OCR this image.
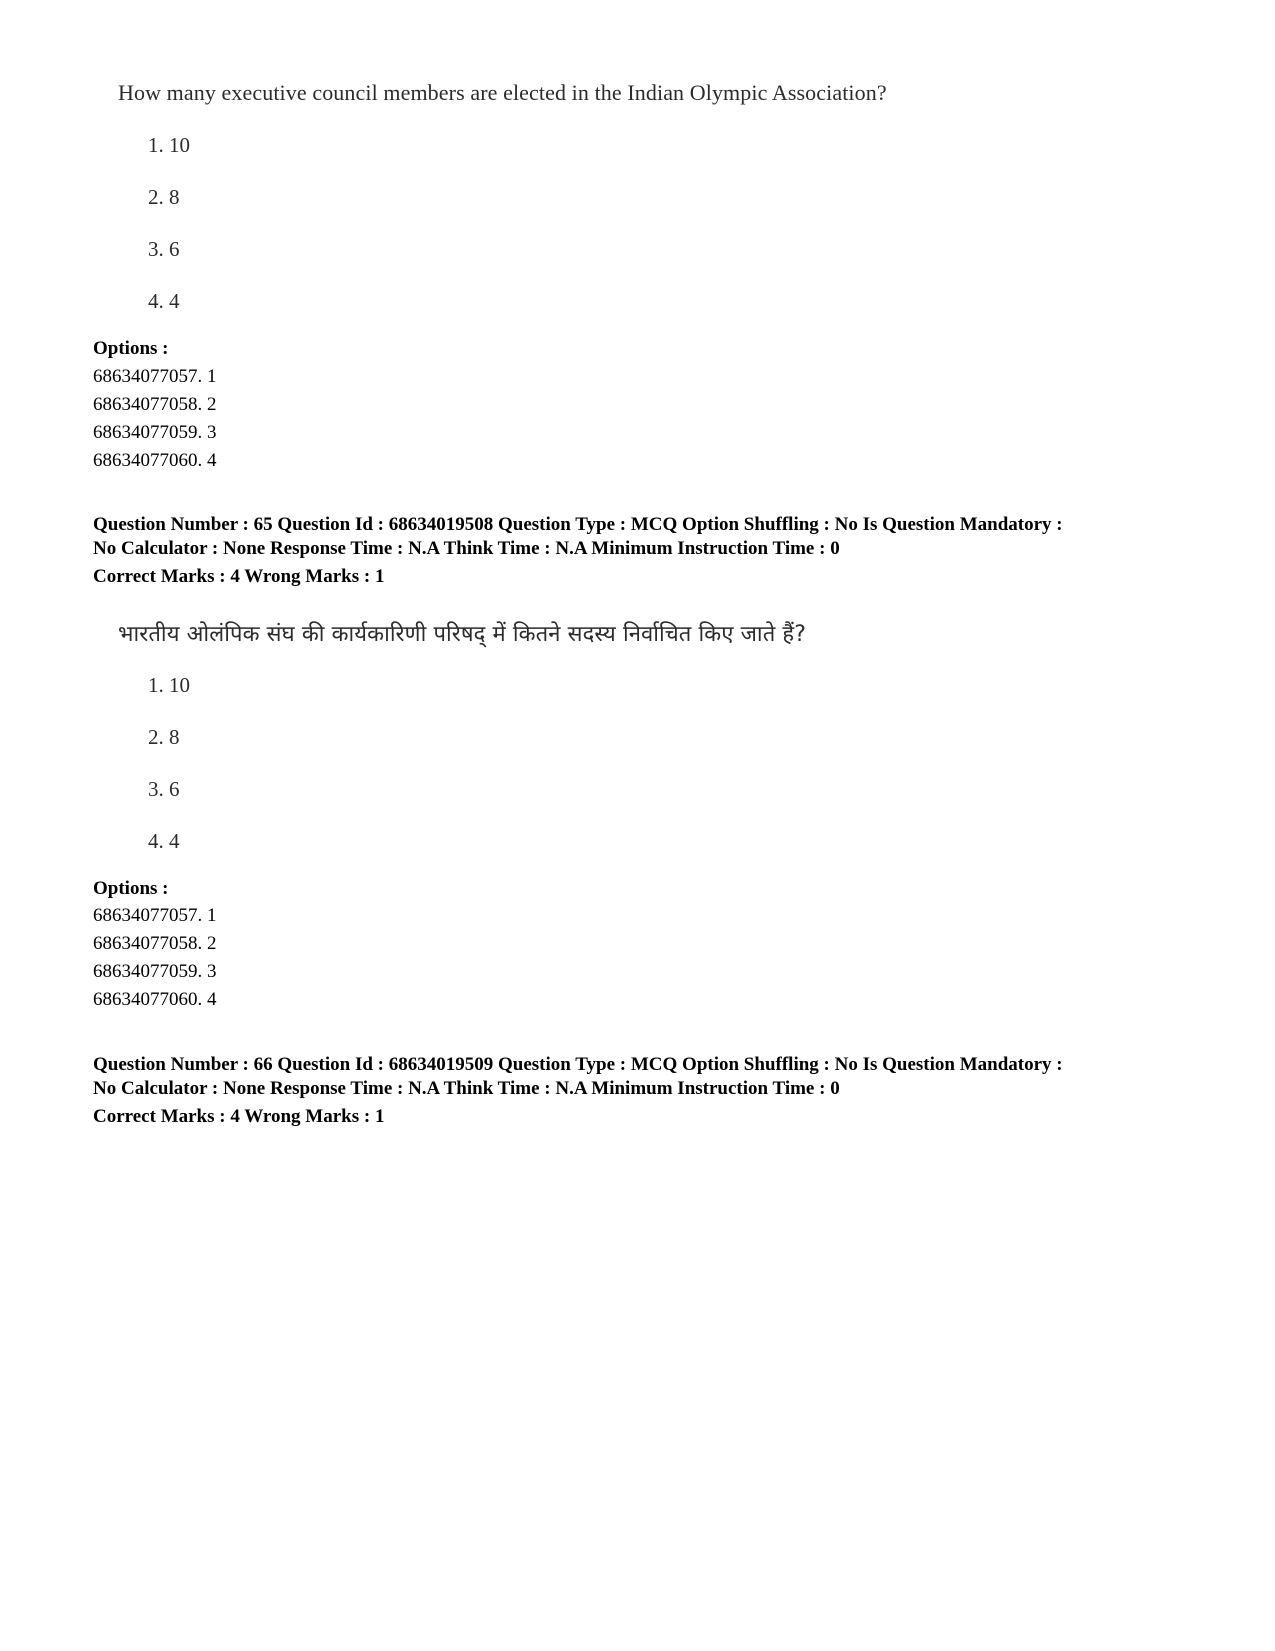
How many executive council members are elected in the Indian Olympic Association?
1. 10
2. 8
3. 6
4. 4
Options :
68634077057. 1
68634077058. 2
68634077059. 3
68634077060. 4
Question Number : 65 Question Id : 68634019508 Question Type : MCQ Option Shuffling : No Is Question Mandatory :
No Calculator : None Response Time : N.A Think Time : N.A Minimum Instruction Time : 0
Correct Marks : 4 Wrong Marks : 1
भारतीय ओलंपिक संघ की कार्यकारिणी परिषद् में कितने सदस्य निर्वाचित किए जाते हैं?
1. 10
2. 8
3. 6
4. 4
Options :
68634077057. 1
68634077058. 2
68634077059. 3
68634077060. 4
Question Number : 66 Question Id : 68634019509 Question Type : MCQ Option Shuffling : No Is Question Mandatory :
No Calculator : None Response Time : N.A Think Time : N.A Minimum Instruction Time : 0
Correct Marks : 4 Wrong Marks : 1
